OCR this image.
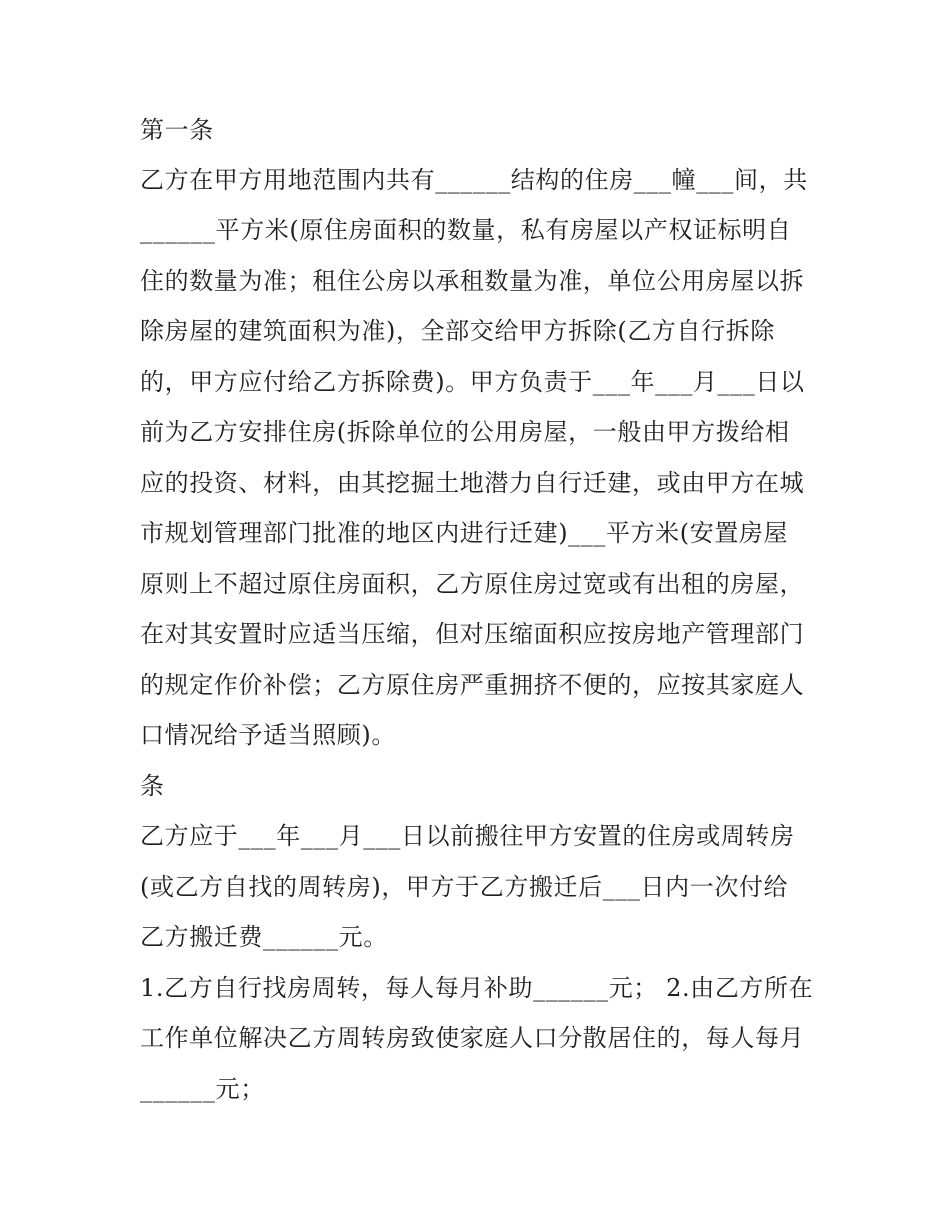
第一条
乙方在甲方用地范围内共有______结构的住房___幢___间，共
______平方米(原住房面积的数量，私有房屋以产权证标明自
住的数量为准；租住公房以承租数量为准，单位公用房屋以拆
除房屋的建筑面积为准)，全部交给甲方拆除(乙方自行拆除
的，甲方应付给乙方拆除费)。甲方负责于___年___月___日以
前为乙方安排住房(拆除单位的公用房屋，一般由甲方拨给相
应的投资、材料，由其挖掘土地潜力自行迁建，或由甲方在城
市规划管理部门批准的地区内进行迁建)___平方米(安置房屋
原则上不超过原住房面积，乙方原住房过宽或有出租的房屋，
在对其安置时应适当压缩，但对压缩面积应按房地产管理部门
的规定作价补偿；乙方原住房严重拥挤不便的，应按其家庭人
口情况给予适当照顾)。
条
乙方应于___年___月___日以前搬往甲方安置的住房或周转房
(或乙方自找的周转房)，甲方于乙方搬迁后___日内一次付给
乙方搬迁费______元。
1.乙方自行找房周转，每人每月补助______元； 2.由乙方所在
工作单位解决乙方周转房致使家庭人口分散居住的，每人每月
______元；
